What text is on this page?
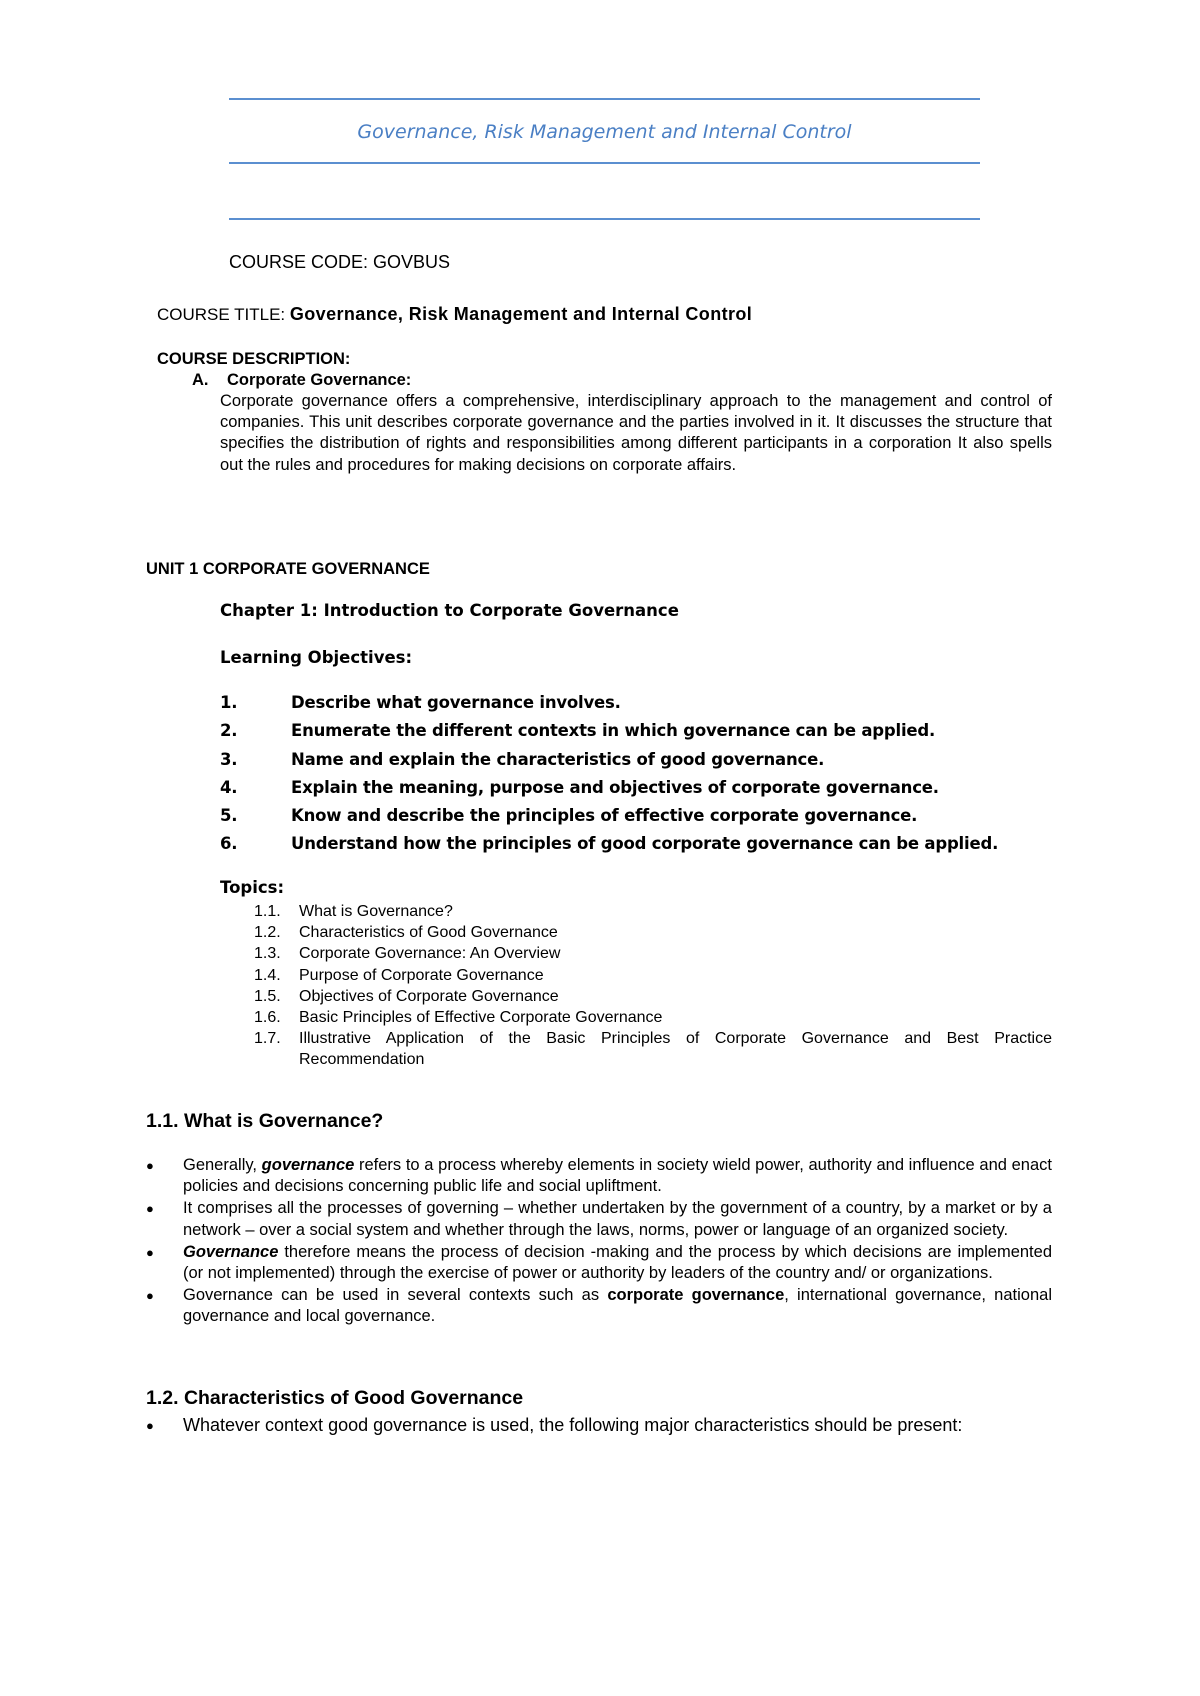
Governance, Risk Management and Internal Control
COURSE CODE: GOVBUS
COURSE TITLE: Governance, Risk Management and Internal Control
COURSE DESCRIPTION:
A. Corporate Governance:

Corporate governance offers a comprehensive, interdisciplinary approach to the management and control of companies. This unit describes corporate governance and the parties involved in it. It discusses the structure that specifies the distribution of rights and responsibilities among different participants in a corporation It also spells out the rules and procedures for making decisions on corporate affairs.

UNIT 1 CORPORATE GOVERNANCE
Chapter 1: Introduction to Corporate Governance
Learning Objectives:
1.	Describe what governance involves.
2.	Enumerate the different contexts in which governance can be applied.
3.	Name and explain the characteristics of good governance.
4.	Explain the meaning, purpose and objectives of corporate governance.
5.	Know and describe the principles of effective corporate governance.
6.	Understand how the principles of good corporate governance can be applied.
Topics:
1.1.	What is Governance?
1.2.	Characteristics of Good Governance
1.3.	Corporate Governance: An Overview
1.4.	Purpose of Corporate Governance
1.5.	Objectives of Corporate Governance
1.6.	Basic Principles of Effective Corporate Governance
1.7.	Illustrative Application of the Basic Principles of Corporate Governance and Best Practice Recommendation
1.1. What is Governance?
●	Generally, governance refers to a process whereby elements in society wield power, authority and influence and enact policies and decisions concerning public life and social upliftment.
●	It comprises all the processes of governing – whether undertaken by the government of a country, by a market or by a network – over a social system and whether through the laws, norms, power or language of an organized society.
●	Governance therefore means the process of decision -making and the process by which decisions are implemented (or not implemented) through the exercise of power or authority by leaders of the country and/ or organizations.
●	Governance can be used in several contexts such as corporate governance, international governance, national governance and local governance.
1.2. Characteristics of Good Governance
●	Whatever context good governance is used, the following major characteristics should be present:
